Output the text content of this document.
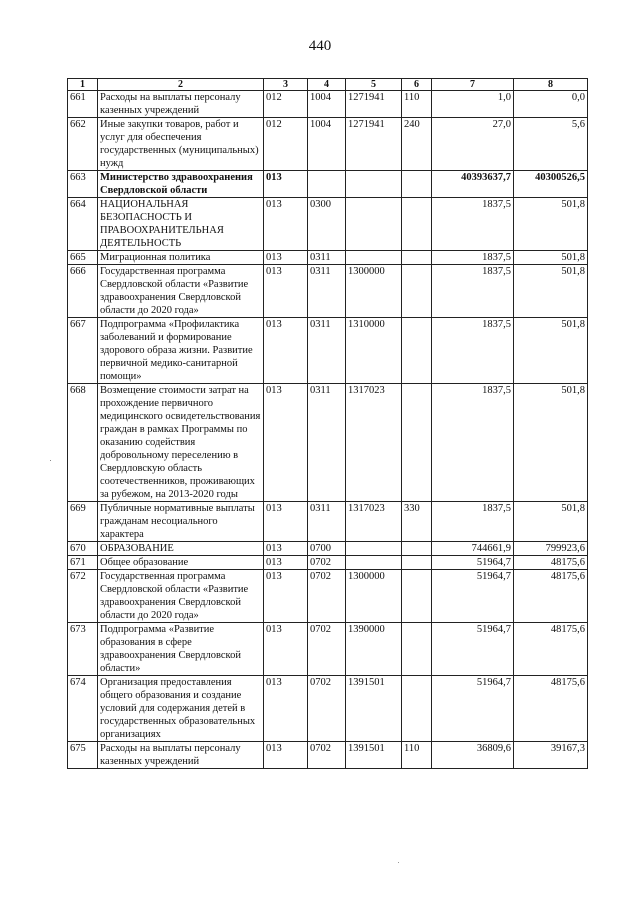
440
1	2	3	4	5	6	7	8
661	Расходы на выплаты персоналу казенных учреждений	012	1004	1271941	110	1,0	0,0
662	Иные закупки товаров, работ и услуг для обеспечения государственных (муниципальных) нужд	012	1004	1271941	240	27,0	5,6
663	Министерство здравоохранения Свердловской области	013				40393637,7	40300526,5
664	НАЦИОНАЛЬНАЯ БЕЗОПАСНОСТЬ И ПРАВООХРАНИТЕЛЬНАЯ ДЕЯТЕЛЬНОСТЬ	013	0300			1837,5	501,8
665	Миграционная политика	013	0311			1837,5	501,8
666	Государственная программа Свердловской области «Развитие здравоохранения Свердловской области до 2020 года»	013	0311	1300000		1837,5	501,8
667	Подпрограмма «Профилактика заболеваний и формирование здорового образа жизни. Развитие первичной медико-санитарной помощи»	013	0311	1310000		1837,5	501,8
668	Возмещение стоимости затрат на прохождение первичного медицинского освидетельствования граждан в рамках Программы по оказанию содействия добровольному переселению в Свердловскую область соотечественников, проживающих за рубежом, на 2013-2020 годы	013	0311	1317023		1837,5	501,8
669	Публичные нормативные выплаты гражданам несоциального характера	013	0311	1317023	330	1837,5	501,8
670	ОБРАЗОВАНИЕ	013	0700			744661,9	799923,6
671	Общее образование	013	0702			51964,7	48175,6
672	Государственная программа Свердловской области «Развитие здравоохранения Свердловской области до 2020 года»	013	0702	1300000		51964,7	48175,6
673	Подпрограмма «Развитие образования в сфере здравоохранения Свердловской области»	013	0702	1390000		51964,7	48175,6
674	Организация предоставления общего образования и создание условий для содержания детей в государственных образовательных организациях	013	0702	1391501		51964,7	48175,6
675	Расходы на выплаты персоналу казенных учреждений	013	0702	1391501	110	36809,6	39167,3
